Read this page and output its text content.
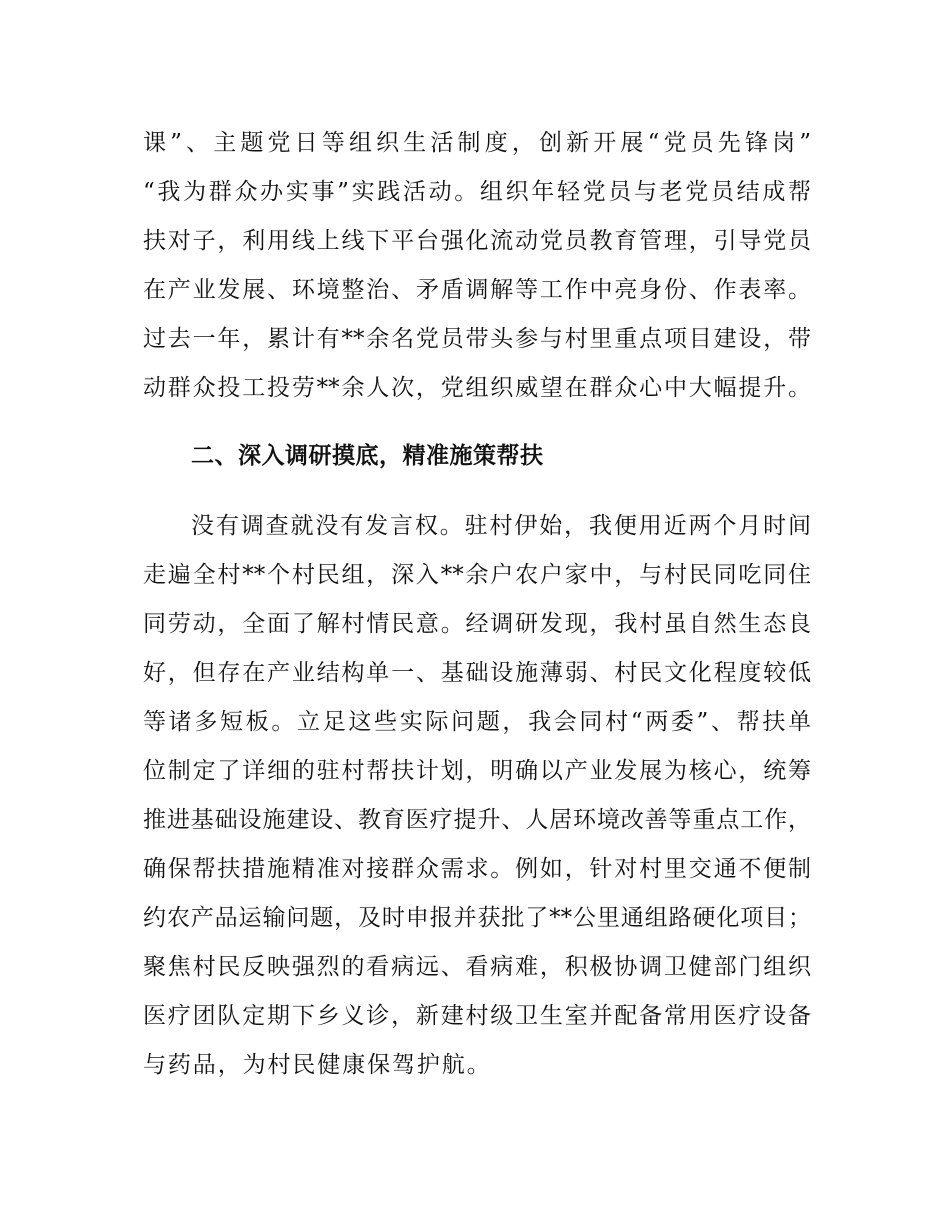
课”、主题党日等组织生活制度，创新开展“党员先锋岗”
“我为群众办实事”实践活动。组织年轻党员与老党员结成帮
扶对子，利用线上线下平台强化流动党员教育管理，引导党员
在产业发展、环境整治、矛盾调解等工作中亮身份、作表率。
过去一年，累计有**余名党员带头参与村里重点项目建设，带
动群众投工投劳**余人次，党组织威望在群众心中大幅提升。
二、深入调研摸底，精准施策帮扶
没有调查就没有发言权。驻村伊始，我便用近两个月时间
走遍全村**个村民组，深入**余户农户家中，与村民同吃同住
同劳动，全面了解村情民意。经调研发现，我村虽自然生态良
好，但存在产业结构单一、基础设施薄弱、村民文化程度较低
等诸多短板。立足这些实际问题，我会同村“两委”、帮扶单
位制定了详细的驻村帮扶计划，明确以产业发展为核心，统筹
推进基础设施建设、教育医疗提升、人居环境改善等重点工作，
确保帮扶措施精准对接群众需求。例如，针对村里交通不便制
约农产品运输问题，及时申报并获批了**公里通组路硬化项目；
聚焦村民反映强烈的看病远、看病难，积极协调卫健部门组织
医疗团队定期下乡义诊，新建村级卫生室并配备常用医疗设备
与药品，为村民健康保驾护航。
